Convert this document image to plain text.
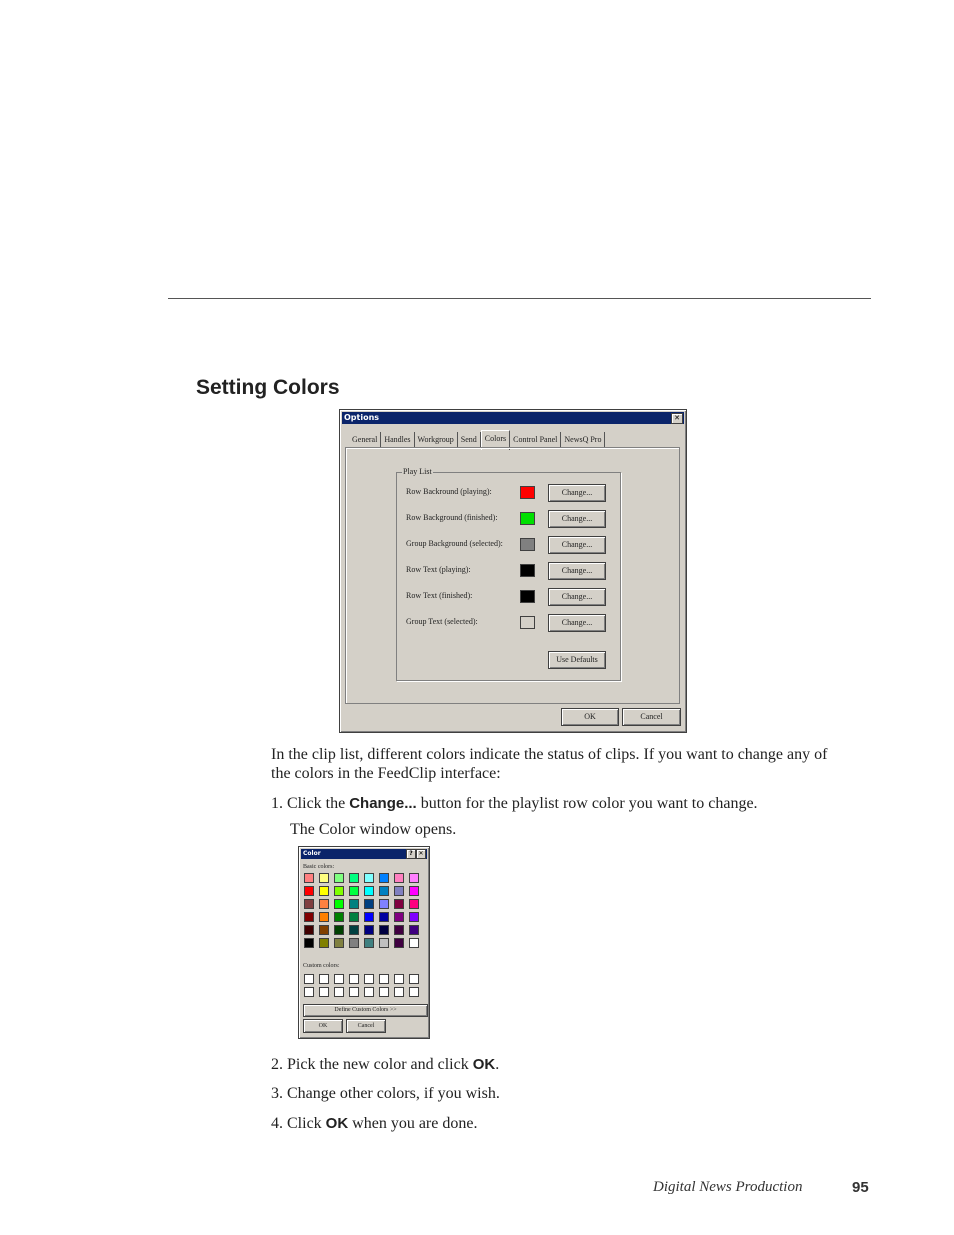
Setting Colors
Options	✕
General Handles Workgroup Send	Colors Control Panel NewsQ Pro
Play List
Row Backround (playing):	Change...
Row Background (finished):	Change...
Group Background (selected):	Change...
Row Text (playing):	Change...
Row Text (finished):	Change...
Group Text (selected):	Change...
Use Defaults
OK	Cancel
In the clip list, different colors indicate the status of clips. If you want to change any of the colors in the FeedClip interface:
1. Click the Change... button for the playlist row color you want to change.
The Color window opens.
Color	? ✕
Basic colors:
Custom colors:
Define Custom Colors >>
OK	Cancel
2. Pick the new color and click OK.
3. Change other colors, if you wish.
4. Click OK when you are done.
Digital News Production	95
